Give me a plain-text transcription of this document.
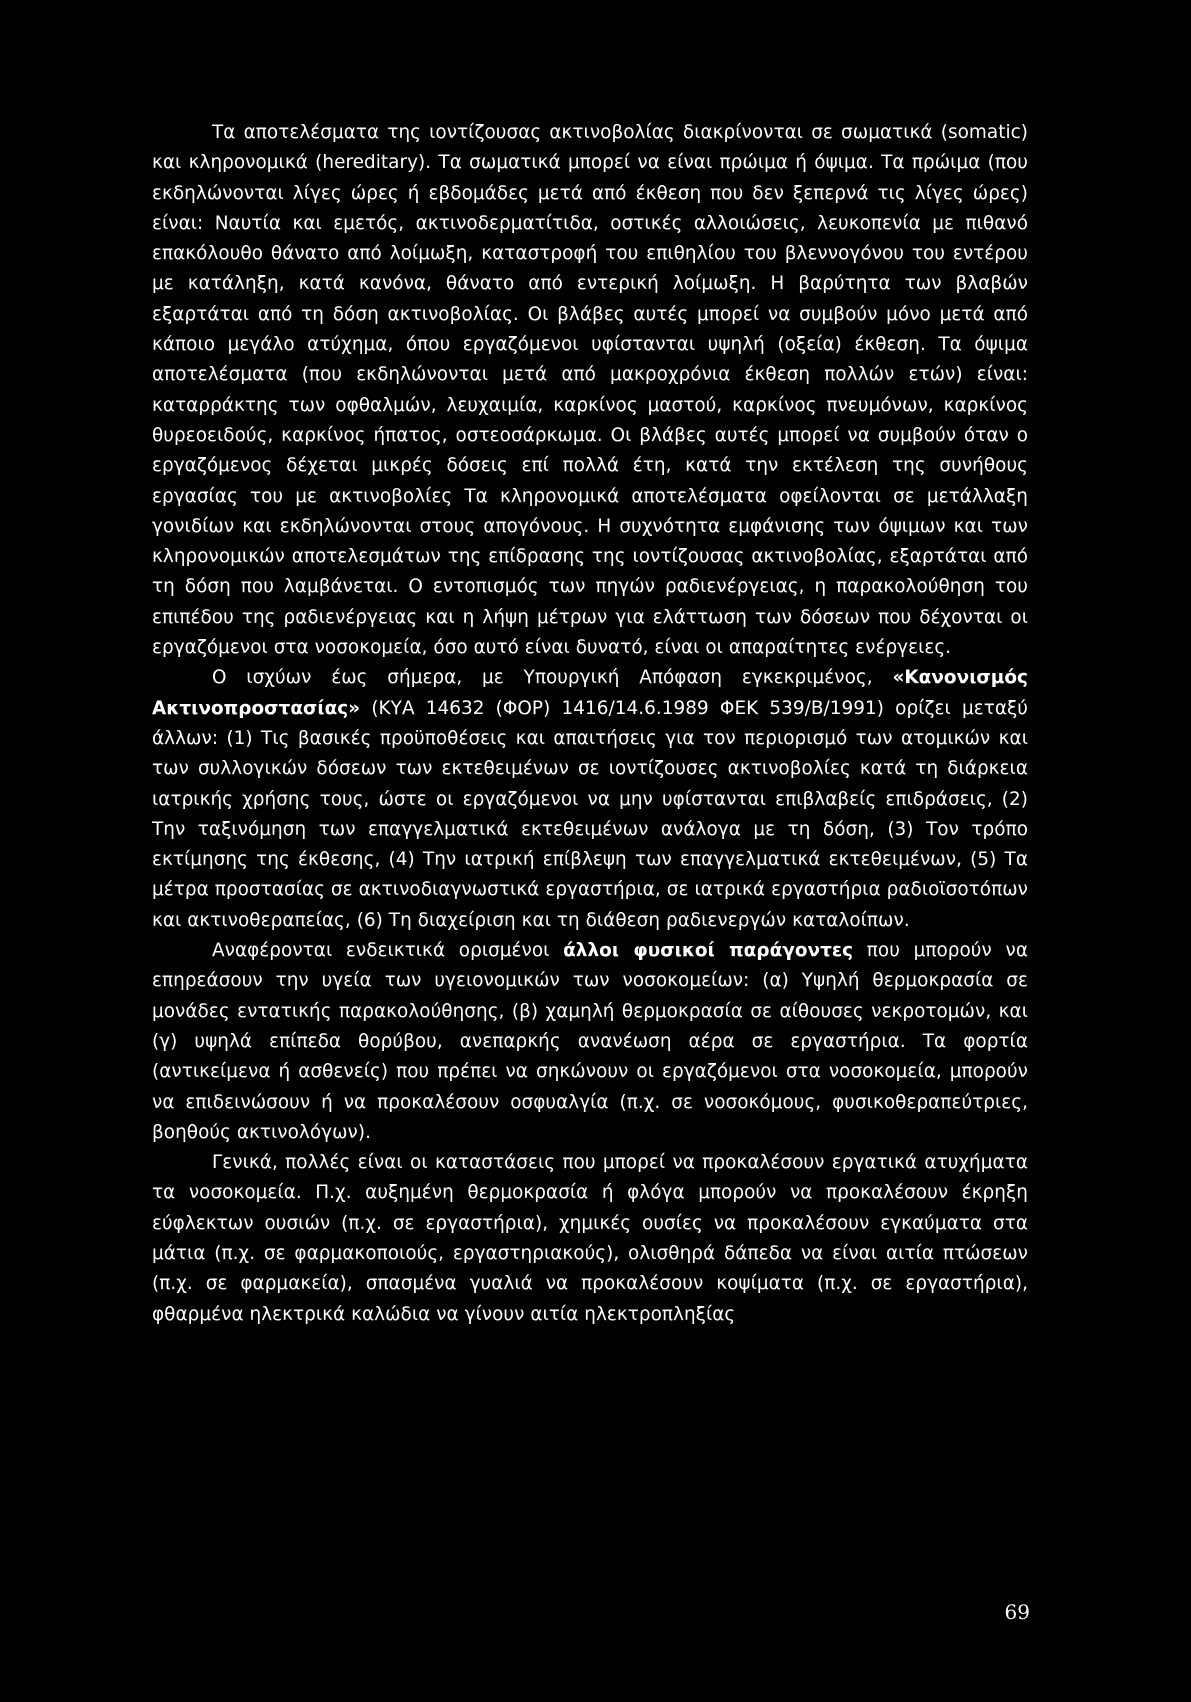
Τα αποτελέσματα της ιοντίζουσας ακτινοβολίας διακρίνονται σε σωματικά (somatic) και κληρονομικά (hereditary). Τα σωματικά μπορεί να είναι πρώιμα ή όψιμα. Τα πρώιμα (που εκδηλώνονται λίγες ώρες ή εβδομάδες μετά από έκθεση που δεν ξεπερνά τις λίγες ώρες) είναι: Ναυτία και εμετός, ακτινοδερματίτιδα, οστικές αλλοιώσεις, λευκοπενία με πιθανό επακόλουθο θάνατο από λοίμωξη, καταστροφή του επιθηλίου του βλεννογόνου του εντέρου με κατάληξη, κατά κανόνα, θάνατο από εντερική λοίμωξη. Η βαρύτητα των βλαβών εξαρτάται από τη δόση ακτινοβολίας. Οι βλάβες αυτές μπορεί να συμβούν μόνο μετά από κάποιο μεγάλο ατύχημα, όπου εργαζόμενοι υφίστανται υψηλή (οξεία) έκθεση. Τα όψιμα αποτελέσματα (που εκδηλώνονται μετά από μακροχρόνια έκθεση πολλών ετών) είναι: καταρράκτης των οφθαλμών, λευχαιμία, καρκίνος μαστού, καρκίνος πνευμόνων, καρκίνος θυρεοειδούς, καρκίνος ήπατος, οστεοσάρκωμα. Οι βλάβες αυτές μπορεί να συμβούν όταν ο εργαζόμενος δέχεται μικρές δόσεις επί πολλά έτη, κατά την εκτέλεση της συνήθους εργασίας του με ακτινοβολίες Τα κληρονομικά αποτελέσματα οφείλονται σε μετάλλαξη γονιδίων και εκδηλώνονται στους απογόνους. Η συχνότητα εμφάνισης των όψιμων και των κληρονομικών αποτελεσμάτων της επίδρασης της ιοντίζουσας ακτινοβολίας, εξαρτάται από τη δόση που λαμβάνεται. Ο εντοπισμός των πηγών ραδιενέργειας, η παρακολούθηση του επιπέδου της ραδιενέργειας και η λήψη μέτρων για ελάττωση των δόσεων που δέχονται οι εργαζόμενοι στα νοσοκομεία, όσο αυτό είναι δυνατό, είναι οι απαραίτητες ενέργειες.

Ο ισχύων έως σήμερα, με Υπουργική Απόφαση εγκεκριμένος, «Κανονισμός Ακτινοπροστασίας» (ΚΥΑ 14632 (ΦΟΡ) 1416/14.6.1989 ΦΕΚ 539/Β/1991) ορίζει μεταξύ άλλων: (1) Τις βασικές προϋποθέσεις και απαιτήσεις για τον περιορισμό των ατομικών και των συλλογικών δόσεων των εκτεθειμένων σε ιοντίζουσες ακτινοβολίες κατά τη διάρκεια ιατρικής χρήσης τους, ώστε οι εργαζόμενοι να μην υφίστανται επιβλαβείς επιδράσεις, (2) Την ταξινόμηση των επαγγελματικά εκτεθειμένων ανάλογα με τη δόση, (3) Τον τρόπο εκτίμησης της έκθεσης, (4) Την ιατρική επίβλεψη των επαγγελματικά εκτεθειμένων, (5) Τα μέτρα προστασίας σε ακτινοδιαγνωστικά εργαστήρια, σε ιατρικά εργαστήρια ραδιοϊσοτόπων και ακτινοθεραπείας, (6) Τη διαχείριση και τη διάθεση ραδιενεργών καταλοίπων.

Αναφέρονται ενδεικτικά ορισμένοι άλλοι φυσικοί παράγοντες που μπορούν να επηρεάσουν την υγεία των υγειονομικών των νοσοκομείων: (α) Υψηλή θερμοκρασία σε μονάδες εντατικής παρακολούθησης, (β) χαμηλή θερμοκρασία σε αίθουσες νεκροτομών, και (γ) υψηλά επίπεδα θορύβου, ανεπαρκής ανανέωση αέρα σε εργαστήρια. Τα φορτία (αντικείμενα ή ασθενείς) που πρέπει να σηκώνουν οι εργαζόμενοι στα νοσοκομεία, μπορούν να επιδεινώσουν ή να προκαλέσουν οσφυαλγία (π.χ. σε νοσοκόμους, φυσικοθεραπεύτριες, βοηθούς ακτινολόγων).

Γενικά, πολλές είναι οι καταστάσεις που μπορεί να προκαλέσουν εργατικά ατυχήματα τα νοσοκομεία. Π.χ. αυξημένη θερμοκρασία ή φλόγα μπορούν να προκαλέσουν έκρηξη εύφλεκτων ουσιών (π.χ. σε εργαστήρια), χημικές ουσίες να προκαλέσουν εγκαύματα στα μάτια (π.χ. σε φαρμακοποιούς, εργαστηριακούς), ολισθηρά δάπεδα να είναι αιτία πτώσεων (π.χ. σε φαρμακεία), σπασμένα γυαλιά να προκαλέσουν κοψίματα (π.χ. σε εργαστήρια), φθαρμένα ηλεκτρικά καλώδια να γίνουν αιτία ηλεκτροπληξίας

69
